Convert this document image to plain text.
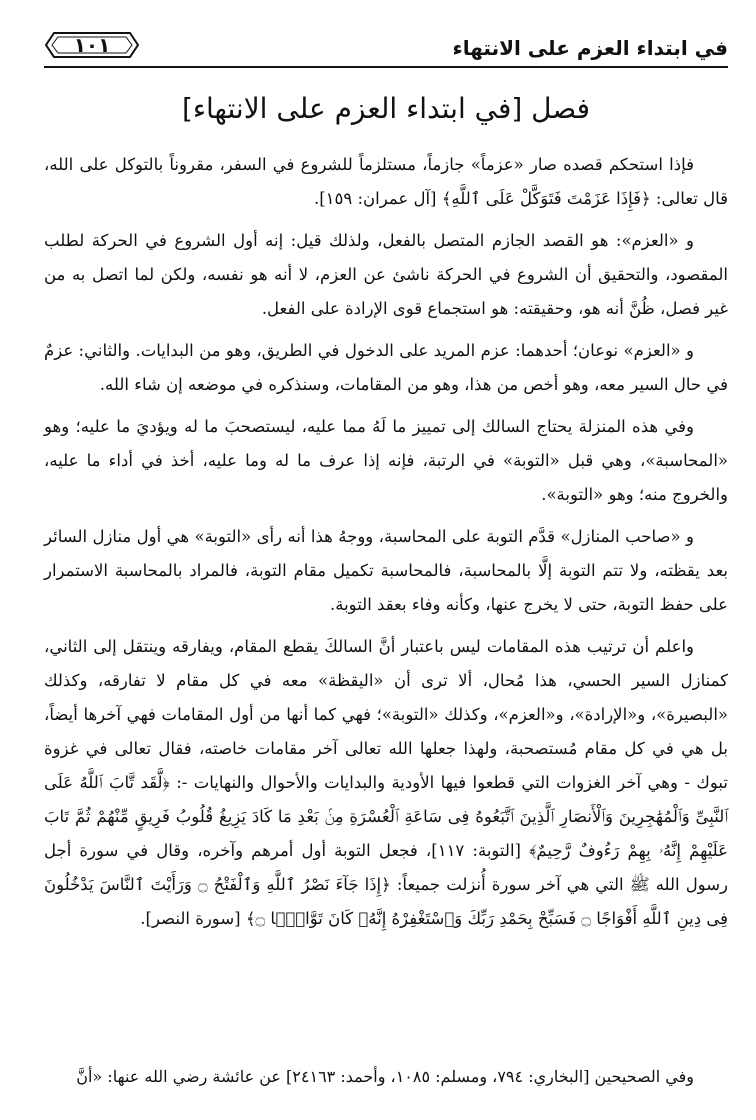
في ابتداء العزم على الانتهاء
١٠١
فصل [في ابتداء العزم على الانتهاء]

فإذا استحكم قصده صار «عزماً» جازماً، مستلزماً للشروع في السفر، مقروناً بالتوكل على الله، قال تعالى: ﴿فَإِذَا عَزَمْتَ فَتَوَكَّلْ عَلَى ٱللَّهِ﴾ [آل عمران: ١٥٩].

و «العزم»: هو القصد الجازم المتصل بالفعل، ولذلك قيل: إنه أول الشروع في الحركة لطلب المقصود، والتحقيق أن الشروع في الحركة ناشئ عن العزم، لا أنه هو نفسه، ولكن لما اتصل به من غير فصل، ظُنَّ أنه هو، وحقيقته: هو استجماع قوى الإرادة على الفعل.

و «العزم» نوعان؛ أحدهما: عزم المريد على الدخول في الطريق، وهو من البدايات. والثاني: عزمٌ في حال السير معه، وهو أخص من هذا، وهو من المقامات، وسنذكره في موضعه إن شاء الله.

وفي هذه المنزلة يحتاج السالك إلى تمييز ما لَهُ مما عليه، ليستصحبَ ما له ويؤديَ ما عليه؛ وهو «المحاسبة»، وهي قبل «التوبة» في الرتبة، فإنه إذا عرف ما له وما عليه، أخذ في أداء ما عليه، والخروج منه؛ وهو «التوبة».

و «صاحب المنازل» قدَّم التوبة على المحاسبة، ووجهُ هذا أنه رأى «التوبة» هي أول منازل السائر بعد يقظته، ولا تتم التوبة إلَّا بالمحاسبة، فالمحاسبة تكميل مقام التوبة، فالمراد بالمحاسبة الاستمرار على حفظ التوبة، حتى لا يخرج عنها، وكأنه وفاء بعقد التوبة.

واعلم أن ترتيب هذه المقامات ليس باعتبار أنَّ السالكَ يقطع المقام، ويفارقه وينتقل إلى الثاني، كمنازل السير الحسي، هذا مُحال، ألا ترى أن «اليقظة» معه في كل مقام لا تفارقه، وكذلك «البصيرة»، و«الإرادة»، و«العزم»، وكذلك «التوبة»؛ فهي كما أنها من أول المقامات فهي آخرها أيضاً، بل هي في كل مقام مُستصحبة، ولهذا جعلها الله تعالى آخر مقامات خاصته، فقال تعالى في غزوة تبوك - وهي آخر الغزوات التي قطعوا فيها الأودية والبدايات والأحوال والنهايات -: ﴿لَّقَد تَّابَ ٱللَّهُ عَلَى ٱلنَّبِىِّ وَٱلْمُهَٰجِرِينَ وَٱلْأَنصَارِ ٱلَّذِينَ ٱتَّبَعُوهُ فِى سَاعَةِ ٱلْعُسْرَةِ مِنۢ بَعْدِ مَا كَادَ يَزِيغُ قُلُوبُ فَرِيقٍ مِّنْهُمْ ثُمَّ تَابَ عَلَيْهِمْ إِنَّهُۥ بِهِمْ رَءُوفٌ رَّحِيمٌ﴾ [التوبة: ١١٧]، فجعل التوبة أول أمرهم وآخره، وقال في سورة أجل رسول الله ﷺ التي هي آخر سورة أُنزلت جميعاً: ﴿إِذَا جَآءَ نَصْرُ ٱللَّهِ وَٱلْفَتْحُ ۝ وَرَأَيْتَ ٱلنَّاسَ يَدْخُلُونَ فِى دِينِ ٱللَّهِ أَفْوَاجًا ۝ فَسَبِّحْ بِحَمْدِ رَبِّكَ وَٱسْتَغْفِرْهُ إِنَّهُۥ كَانَ تَوَّابًۢا ۝﴾ [سورة النصر].

وفي الصحيحين [البخاري: ٧٩٤، ومسلم: ١٠٨٥، وأحمد: ٢٤١٦٣] عن عائشة رضي الله عنها: «أنَّ
